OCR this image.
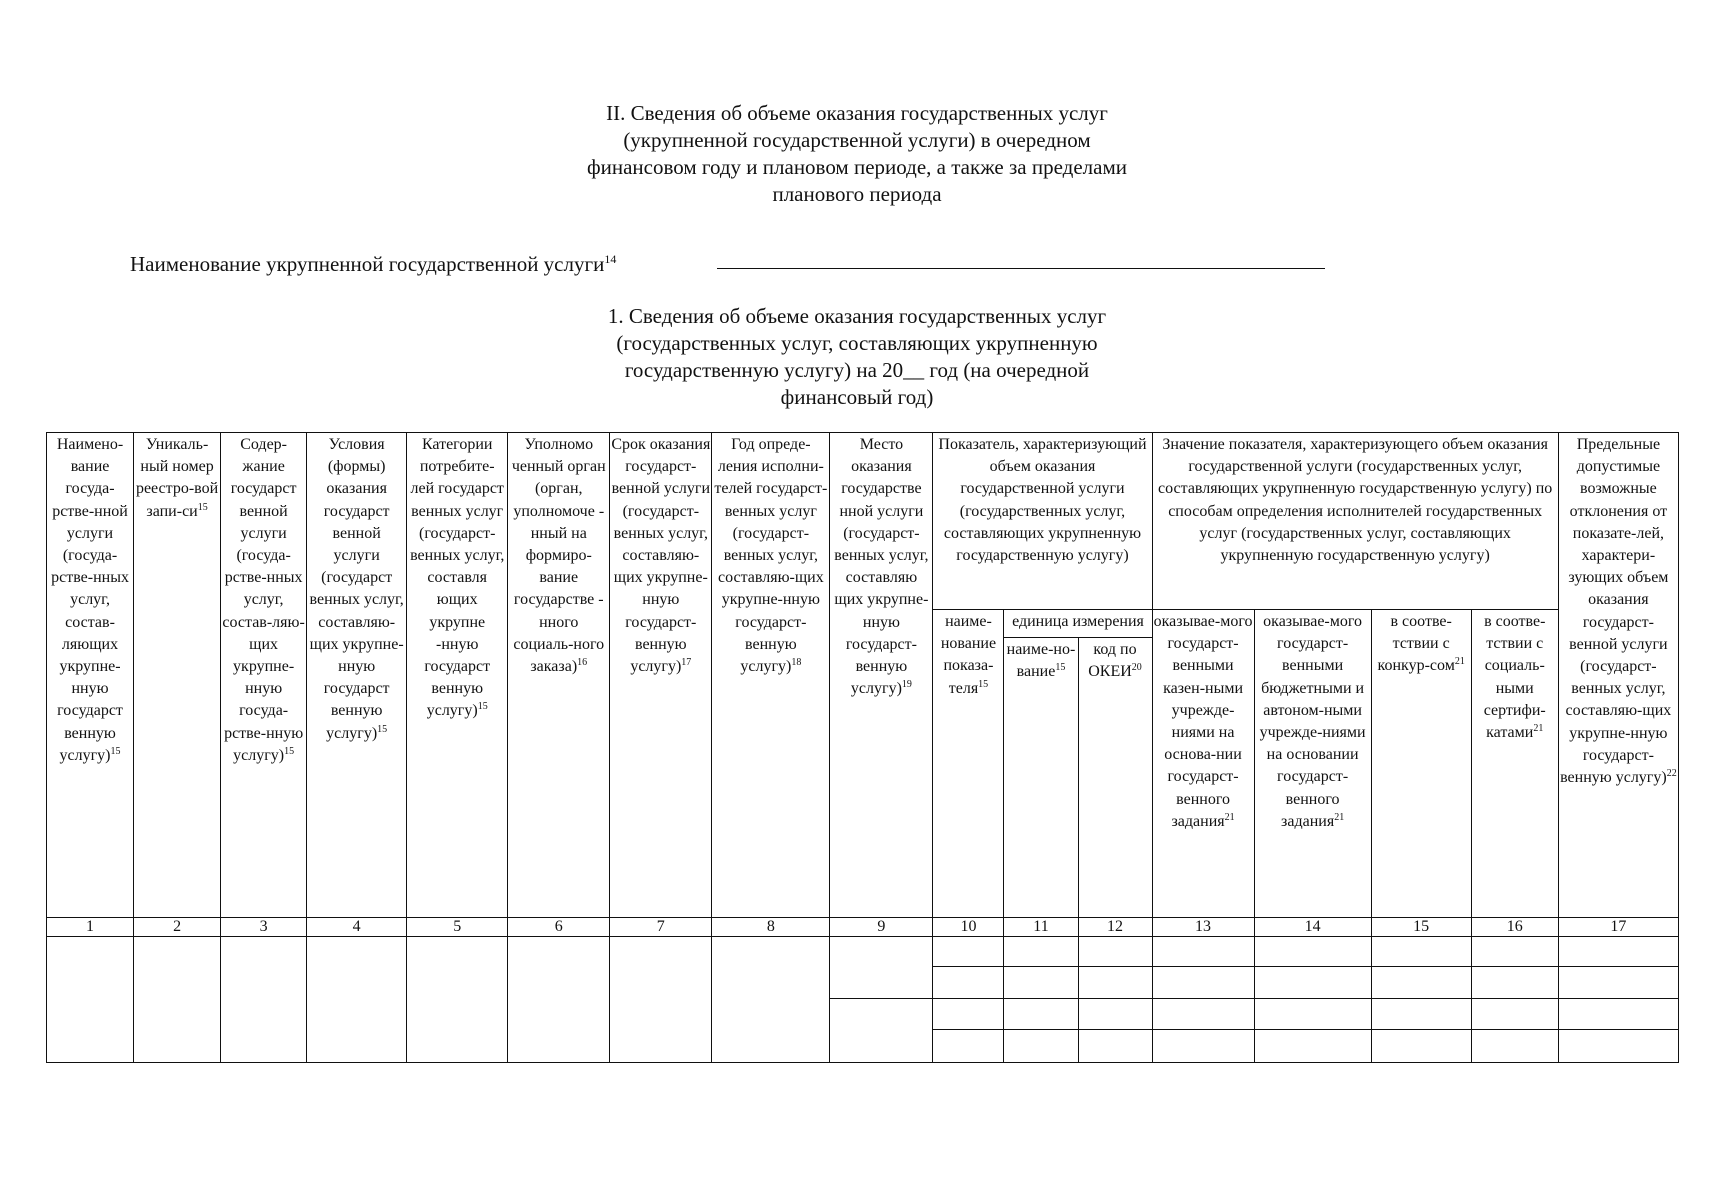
II. Сведения об объеме оказания государственных услуг
(укрупненной государственной услуги) в очередном
финансовом году и плановом периоде, а также за пределами
планового периода
Наименование укрупненной государственной услуги$^{14}$
1. Сведения об объеме оказания государственных услуг
(государственных услуг, составляющих укрупненную
государственную услугу) на 20__ год (на очередной
финансовый год)
Наимено-вание госуда-рстве-нной услуги (госуда-рстве-нных услуг, состав-ляющих укрупне-нную государст венную услугу)$^{15}$	Уникаль-ный номер реестро-вой запи-$си^{15}$	Содер-жание государст венной услуги (госуда-рстве-нных услуг, состав-ляю-щих укрупне-нную госуда-рстве-нную услугу)$^{15}$	Условия (формы) оказания государст венной услуги (государст венных услуг, составляю-щих укрупне-нную государст венную услугу)$^{15}$	Категории потребите-лей государст венных услуг (государст-венных услуг, составля ющих укрупне -нную государст венную услугу)$^{15}$	Уполномо ченный орган (орган, уполномоче - нный на формиро-вание государстве - нного социаль-ного заказа)$^{16}$	Срок оказания государст-венной услуги (государст-венных услуг, составляю-щих укрупне-нную государст-венную услугу)$^{17}$	Год опреде-ления исполни-телей государст-венных услуг (государст-венных услуг, составляю-щих укрупне-нную государст-венную услугу)$^{18}$	Место оказания государстве нной услуги (государст-венных услуг, составляю щих укрупне-нную государст-венную услугу)$^{19}$	Показатель, характеризующий объем оказания государственной услуги (государственных услуг, составляющих укрупненную государственную услугу)			Значение показателя, характеризующего объем оказания государственной услуги (государственных услуг, составляющих укрупненную государственную услугу) по способам определения исполнителей государственных услуг (государственных услуг, составляющих укрупненную государственную услугу)				Предельные допустимые возможные отклонения от показате-лей, характери-зующих объем оказания государст-венной услуги (государст-венных услуг, составляю-щих укрупне-нную государст-венную услугу)$^{22}$
									наиме-нование показа-теля$^{15}$	единица измерения		оказывае-мого государст-венными казен-ными учрежде-ниями на основа-нии государст-венного задания$^{21}$	оказывае-мого государст-венными бюджетными и автоном-ными учрежде-ниями на основании государст-венного задания$^{21}$	в соотве-тствии с конкур-сом$^{21}$	в соотве-тствии с социаль-ными сертифи-катами$^{21}$
										наиме-но-вание$^{15}$	код по ОКЕИ$^{20}$
1	2	3	4	5	6	7	8	9	10	11	12	13	14	15	16	17
